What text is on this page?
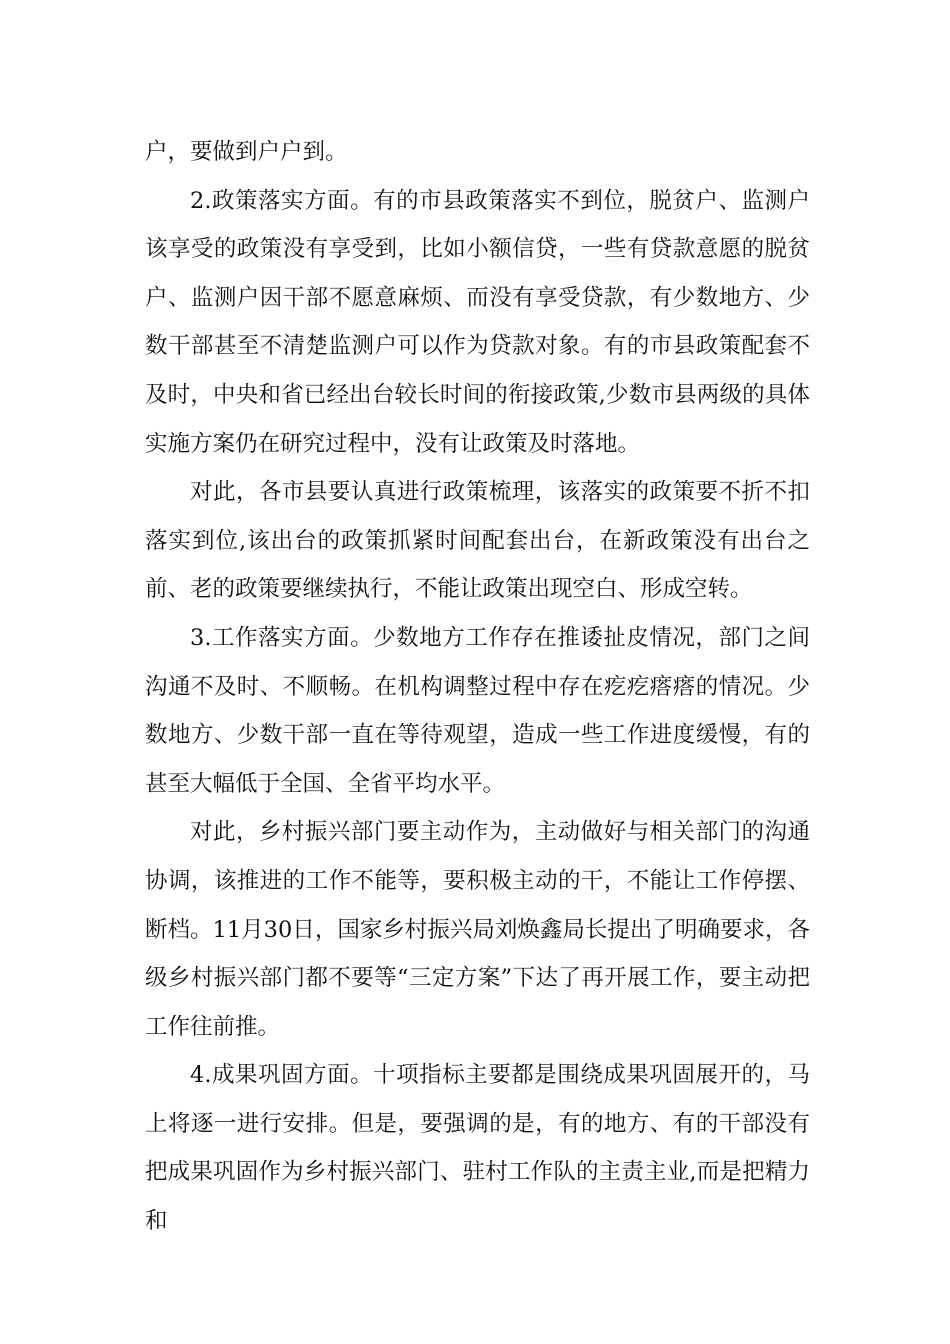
户，要做到户户到。

2.政策落实方面。有的市县政策落实不到位，脱贫户、监测户该享受的政策没有享受到，比如小额信贷，一些有贷款意愿的脱贫户、监测户因干部不愿意麻烦、而没有享受贷款，有少数地方、少数干部甚至不清楚监测户可以作为贷款对象。有的市县政策配套不及时，中央和省已经出台较长时间的衔接政策,少数市县两级的具体实施方案仍在研究过程中，没有让政策及时落地。

对此，各市县要认真进行政策梳理，该落实的政策要不折不扣落实到位,该出台的政策抓紧时间配套出台，在新政策没有出台之前、老的政策要继续执行，不能让政策出现空白、形成空转。

3.工作落实方面。少数地方工作存在推诿扯皮情况，部门之间沟通不及时、不顺畅。在机构调整过程中存在疙疙瘩瘩的情况。少数地方、少数干部一直在等待观望，造成一些工作进度缓慢，有的甚至大幅低于全国、全省平均水平。

对此，乡村振兴部门要主动作为，主动做好与相关部门的沟通协调，该推进的工作不能等，要积极主动的干，不能让工作停摆、断档。11月30日，国家乡村振兴局刘焕鑫局长提出了明确要求，各级乡村振兴部门都不要等“三定方案”下达了再开展工作，要主动把工作往前推。

4.成果巩固方面。十项指标主要都是围绕成果巩固展开的，马上将逐一进行安排。但是，要强调的是，有的地方、有的干部没有把成果巩固作为乡村振兴部门、驻村工作队的主责主业,而是把精力和
